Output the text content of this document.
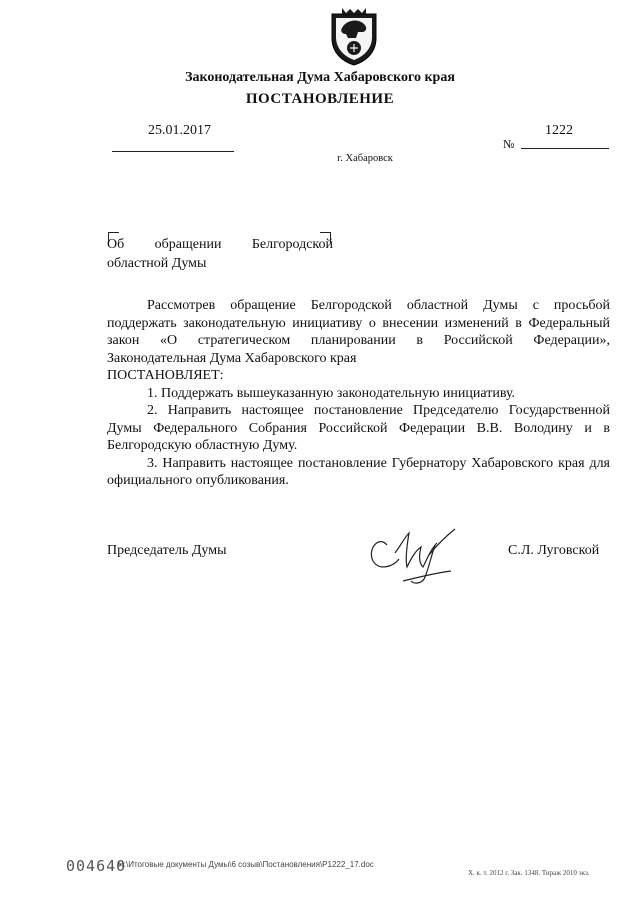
Законодательная Дума Хабаровского края
ПОСТАНОВЛЕНИЕ
25.01.2017
№
1222
г. Хабаровск
Об обращении Белгородской
областной Думы

Рассмотрев обращение Белгородской областной Думы с просьбой

поддержать законодательную инициативу о внесении изменений в Федеральный

закон «О стратегическом планировании в Российской Федерации»,

Законодательная Дума Хабаровского края

ПОСТАНОВЛЯЕТ:

1. Поддержать вышеуказанную законодательную инициативу.

2. Направить настоящее постановление Председателю Государственной

Думы Федерального Собрания Российской Федерации В.В. Володину и в

Белгородскую областную Думу.

3. Направить настоящее постановление Губернатору Хабаровского края для

официального опубликования.

Председатель Думы	С.Л. Луговской
004640
H:\Итоговые документы Думы\6 созыв\Постановления\P1222_17.doc
Х. к. т. 2012 г. Зак. 1348. Тираж 2010 экз.
